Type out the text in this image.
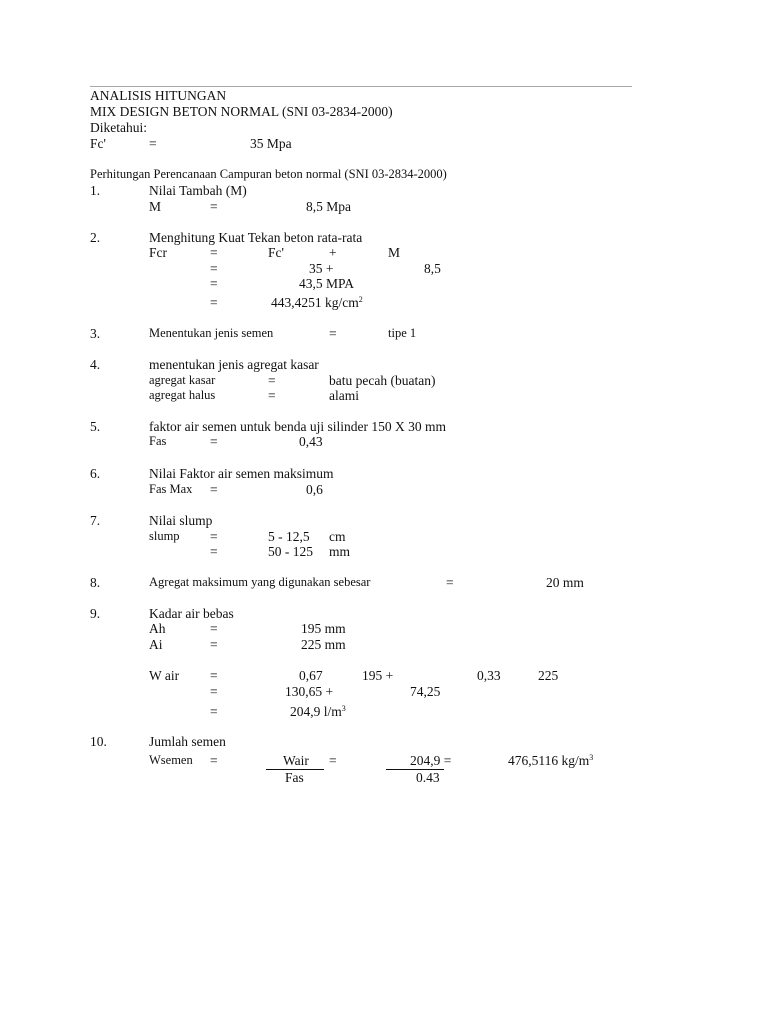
ANALISIS HITUNGAN
MIX DESIGN BETON NORMAL (SNI 03-2834-2000)
Diketahui:
Fc'	=	35 Mpa
Perhitungan Perencanaan Campuran beton normal (SNI 03-2834-2000)
1.	Nilai Tambah (M)
M	=	8,5 Mpa
2.	Menghitung Kuat Tekan beton rata-rata
Fcr	=	Fc'	+	M
=	35 +	8,5
=	43,5 MPA
=	443,4251 $kg/cm^2$
3.	Menentukan jenis semen	=	tipe 1
4.	menentukan jenis agregat kasar
agregat kasar	=	batu pecah (buatan)
agregat halus	=	alami
5.	faktor air semen untuk benda uji silinder 150 X 30 mm
Fas	=	0,43
6.	Nilai Faktor air semen maksimum
Fas Max =	0,6
7.	Nilai slump
slump =	5 - 12,5 cm
=	50 - 125 mm
8.	Agregat maksimum yang digunakan sebesar	=	20 mm
9.	Kadar air bebas
Ah	=	195 mm
Ai	=	225 mm
W air =	0,67	195 +	0,33	225
=	130,65 +	74,25
=	204,9 $l/m^3$
10.	Jumlah semen
Wsemen =	Wair
Fas
=	204,9 =
0.43
476,5116 $kg/m^3$
